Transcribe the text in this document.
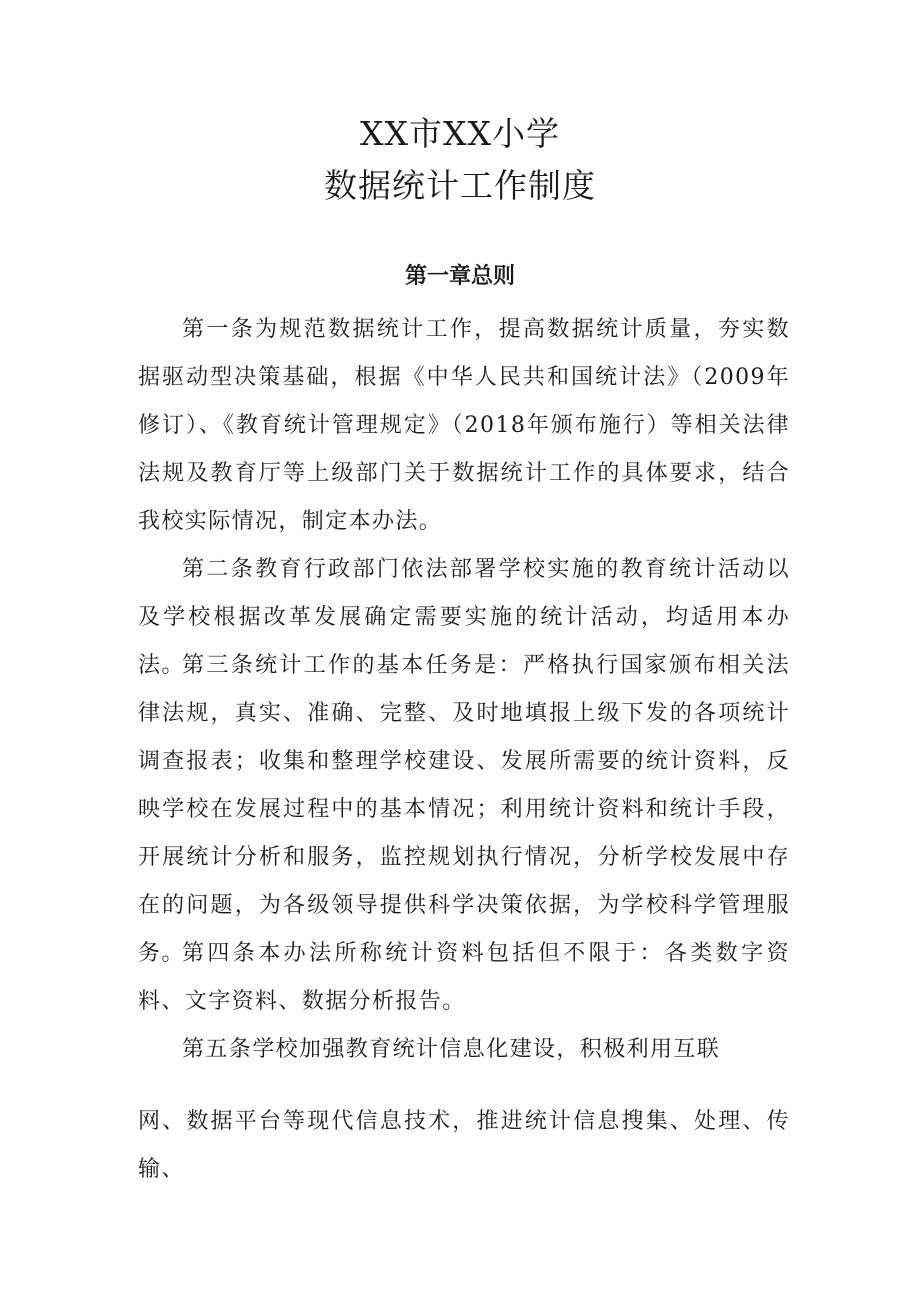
XX市XX小学
数据统计工作制度
第一章总则

第一条为规范数据统计工作，提高数据统计质量，夯实数据驱动型决策基础，根据《中华人民共和国统计法》（2009年修订）、《教育统计管理规定》（2018年颁布施行）等相关法律法规及教育厅等上级部门关于数据统计工作的具体要求，结合我校实际情况，制定本办法。

第二条教育行政部门依法部署学校实施的教育统计活动以及学校根据改革发展确定需要实施的统计活动，均适用本办法。

第三条统计工作的基本任务是：严格执行国家颁布相关法律法规，真实、准确、完整、及时地填报上级下发的各项统计调查报表；收集和整理学校建设、发展所需要的统计资料，反映学校在发展过程中的基本情况；利用统计资料和统计手段，开展统计分析和服务，监控规划执行情况，分析学校发展中存在的问题，为各级领导提供科学决策依据，为学校科学管理服务。

第四条本办法所称统计资料包括但不限于：各类数字资料、文字资料、数据分析报告。

第五条学校加强教育统计信息化建设，积极利用互联

网、数据平台等现代信息技术，推进统计信息搜集、处理、传输、
